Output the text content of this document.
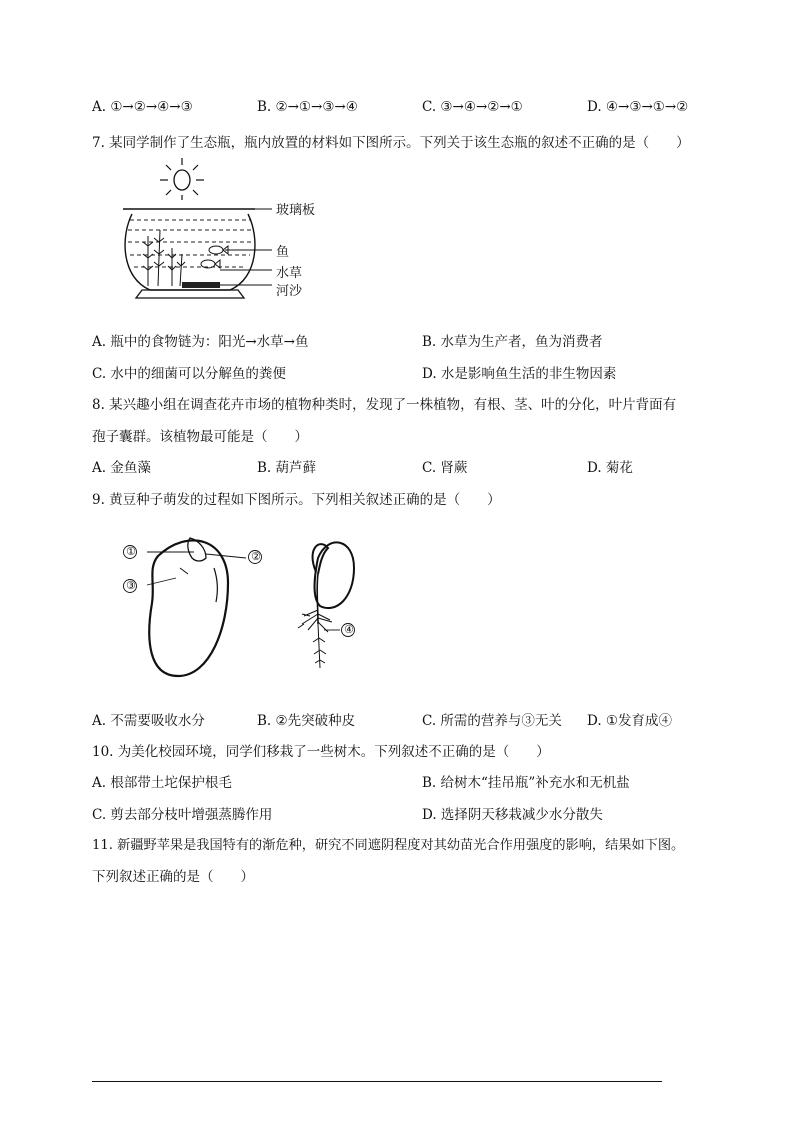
A. ①→②→④→③	B. ②→①→③→④	C. ③→④→②→①	D. ④→③→①→②
7. 某同学制作了生态瓶，瓶内放置的材料如下图所示。下列关于该生态瓶的叙述不正确的是（　　）
玻璃板
鱼
水草
河沙
A. 瓶中的食物链为：阳光→水草→鱼	B. 水草为生产者，鱼为消费者
C. 水中的细菌可以分解鱼的粪便	D. 水是影响鱼生活的非生物因素
8. 某兴趣小组在调查花卉市场的植物种类时，发现了一株植物，有根、茎、叶的分化，叶片背面有
孢子囊群。该植物最可能是（　　）
A. 金鱼藻	B. 葫芦藓	C. 肾蕨	D. 菊花
9. 黄豆种子萌发的过程如下图所示。下列相关叙述正确的是（　　）
①	②
③
④
A. 不需要吸收水分	B. ②先突破种皮	C. 所需的营养与③无关 D. ①发育成④
10. 为美化校园环境，同学们移栽了一些树木。下列叙述不正确的是（　　）
A. 根部带土坨保护根毛	B. 给树木“挂吊瓶”补充水和无机盐
C. 剪去部分枝叶增强蒸腾作用	D. 选择阴天移栽减少水分散失
11. 新疆野苹果是我国特有的渐危种，研究不同遮阴程度对其幼苗光合作用强度的影响，结果如下图。
下列叙述正确的是（　　）
